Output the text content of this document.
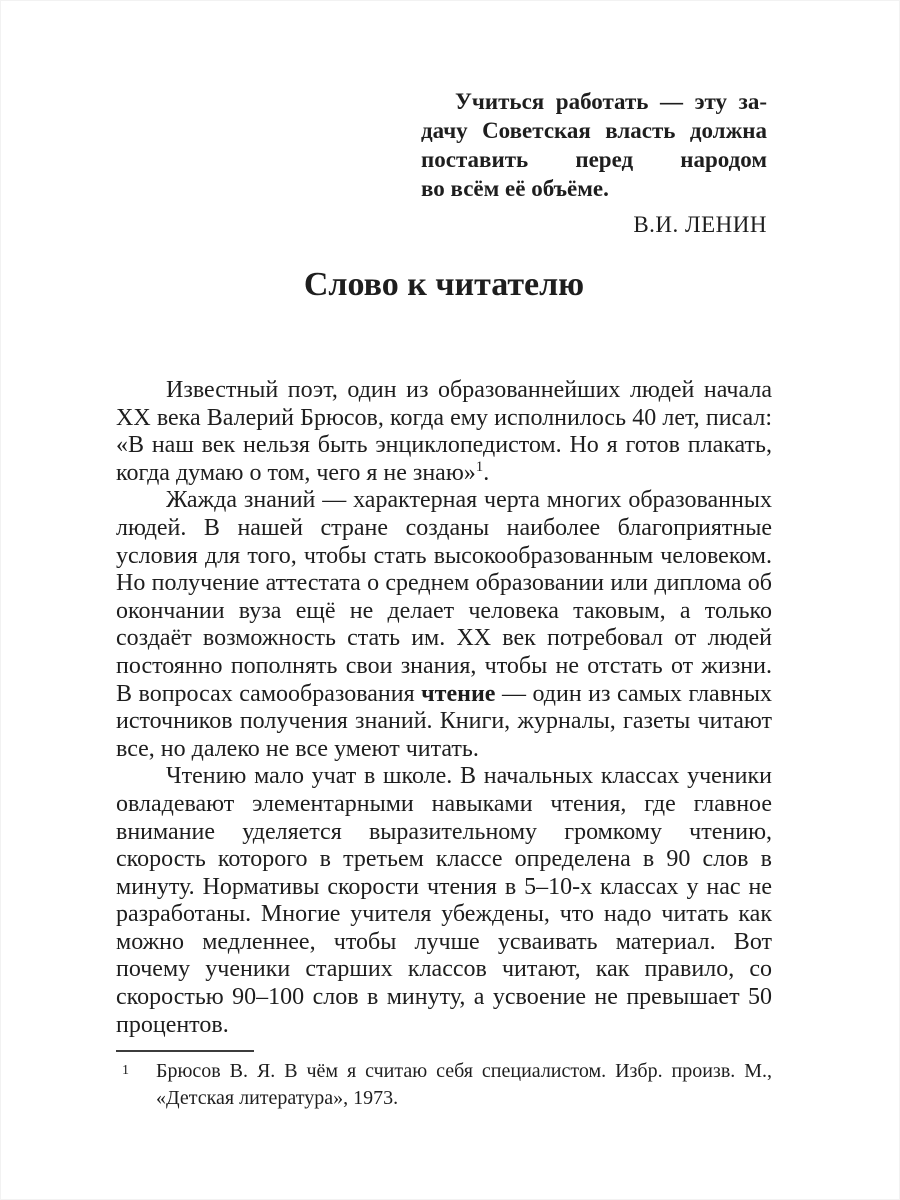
Учиться работать — эту за-
дачу Советская власть должна
поставить перед народом
во всём её объёме.
В.И. ЛЕНИН
Слово к читателю

Известный поэт, один из образованнейших людей начала XX века Валерий Брюсов, когда ему исполнилось 40 лет, писал: «В наш век нельзя быть энциклопедистом. Но я готов плакать, когда думаю о том, чего я не знаю»$^1$.

Жажда знаний — характерная черта многих образованных людей. В нашей стране созданы наиболее благоприятные условия для того, чтобы стать высокообразованным человеком. Но получение аттестата о среднем образовании или диплома об окончании вуза ещё не делает человека таковым, а только создаёт возможность стать им. XX век потребовал от людей постоянно пополнять свои знания, чтобы не отстать от жизни. В вопросах самообразования чтение — один из самых главных источников получения знаний. Книги, журналы, газеты читают все, но далеко не все умеют читать.

Чтению мало учат в школе. В начальных классах ученики овладевают элементарными навыками чтения, где главное внимание уделяется выразительному громкому чтению, скорость которого в третьем классе определена в 90 слов в минуту. Нормативы скорости чтения в 5–10-х классах у нас не разработаны. Многие учителя убеждены, что надо читать как можно медленнее, чтобы лучше усваивать материал. Вот почему ученики старших классов читают, как правило, со скоростью 90–100 слов в минуту, а усвоение не превышает 50 процентов.

1 Брюсов В. Я. В чём я считаю себя специалистом. Избр. произв. М., «Детская литература», 1973.
